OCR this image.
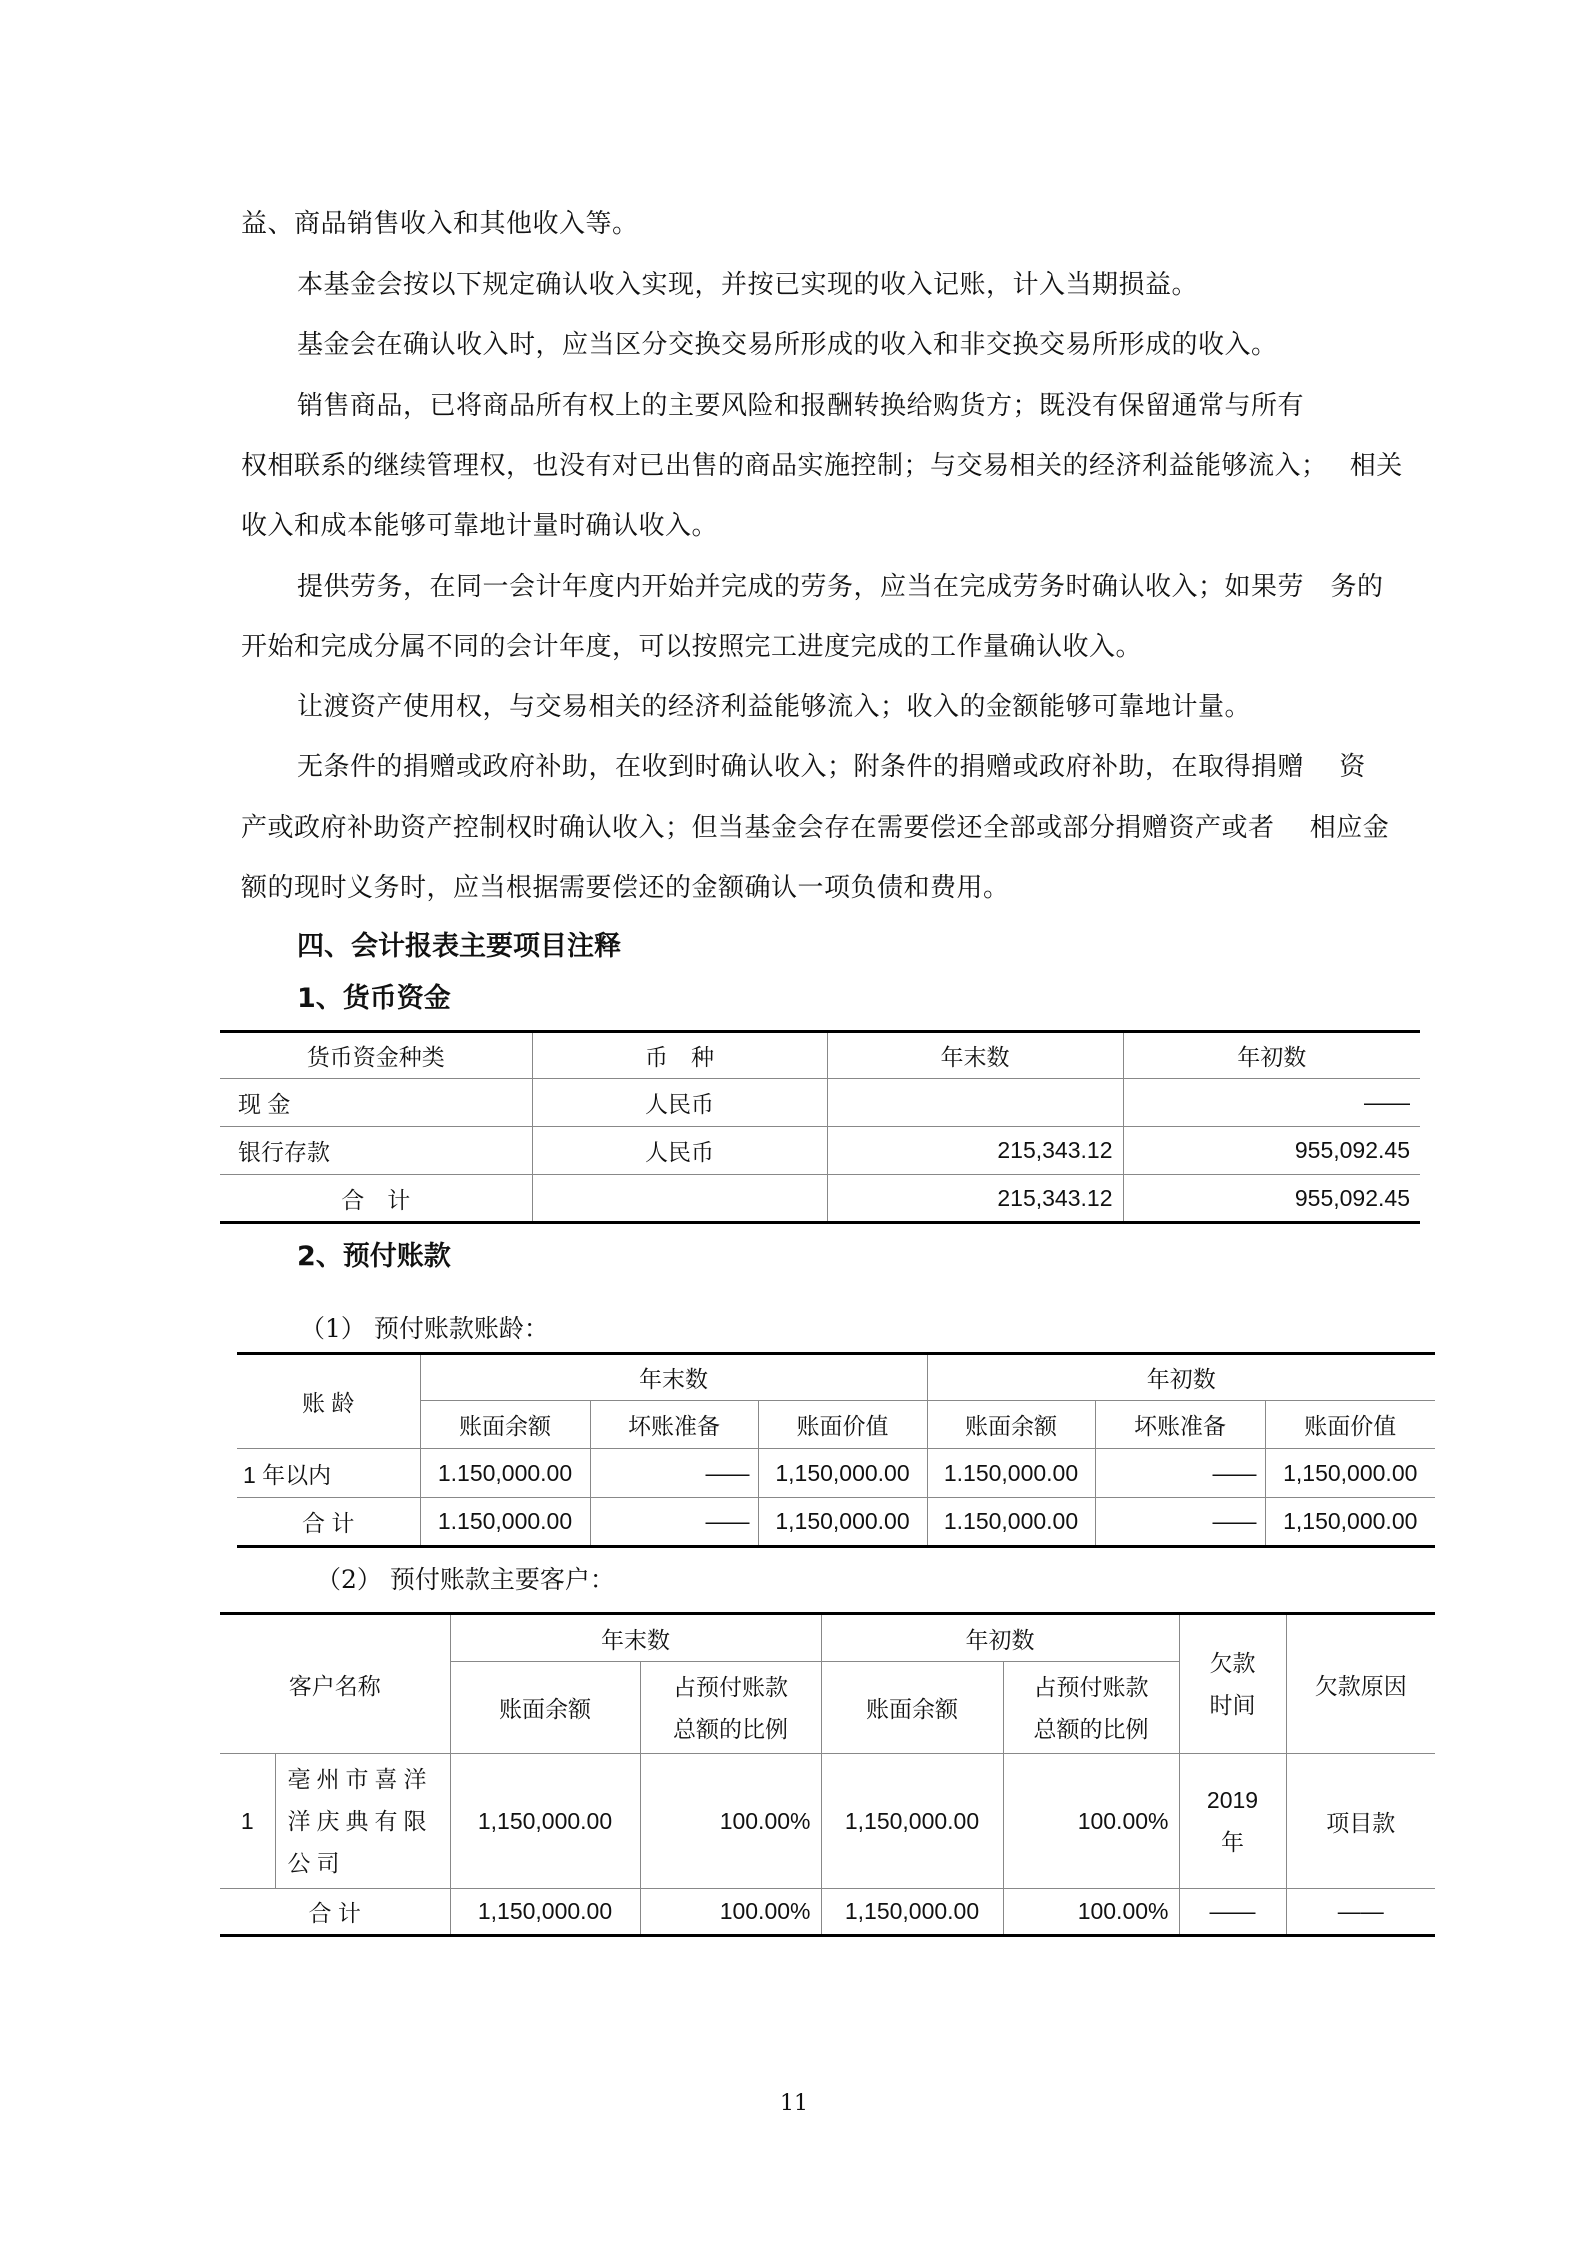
益、商品销售收入和其他收入等。
本基金会按以下规定确认收入实现，并按已实现的收入记账，计入当期损益。
基金会在确认收入时，应当区分交换交易所形成的收入和非交换交易所形成的收入。
销售商品，已将商品所有权上的主要风险和报酬转换给购货方；既没有保留通常与所有
权相联系的继续管理权，也没有对已出售的商品实施控制；与交易相关的经济利益能够流入；　 相关
收入和成本能够可靠地计量时确认收入。
提供劳务，在同一会计年度内开始并完成的劳务，应当在完成劳务时确认收入；如果劳　务的
开始和完成分属不同的会计年度，可以按照完工进度完成的工作量确认收入。
让渡资产使用权，与交易相关的经济利益能够流入；收入的金额能够可靠地计量。
无条件的捐赠或政府补助，在收到时确认收入；附条件的捐赠或政府补助，在取得捐赠　 资
产或政府补助资产控制权时确认收入；但当基金会存在需要偿还全部或部分捐赠资产或者　 相应金
额的现时义务时，应当根据需要偿还的金额确认一项负债和费用。
四、会计报表主要项目注释
1、货币资金
货币资金种类	币　种	年末数	年初数
现 金	人民币		——
银行存款	人民币	215,343.12	955,092.45
合　计		215,343.12	955,092.45
2、预付账款
（1） 预付账款账龄：
账 龄	年末数			年初数		
	账面余额	坏账准备	账面价值	账面余额	坏账准备	账面价值
1 年以内	1.150,000.00	——	1,150,000.00	1.150,000.00	——	1,150,000.00
合 计	1.150,000.00	——	1,150,000.00	1.150,000.00	——	1,150,000.00
（2） 预付账款主要客户：
客户名称		年末数		年初数		欠款时间	欠款原因
		账面余额	占预付账款总额的比例	账面余额	占预付账款总额的比例		
1	亳州市喜洋洋庆典有限公司	1,150,000.00	100.00%	1,150,000.00	100.00%	2019 年	项目款
合 计		1,150,000.00	100.00%	1,150,000.00	100.00%	——	——
11
